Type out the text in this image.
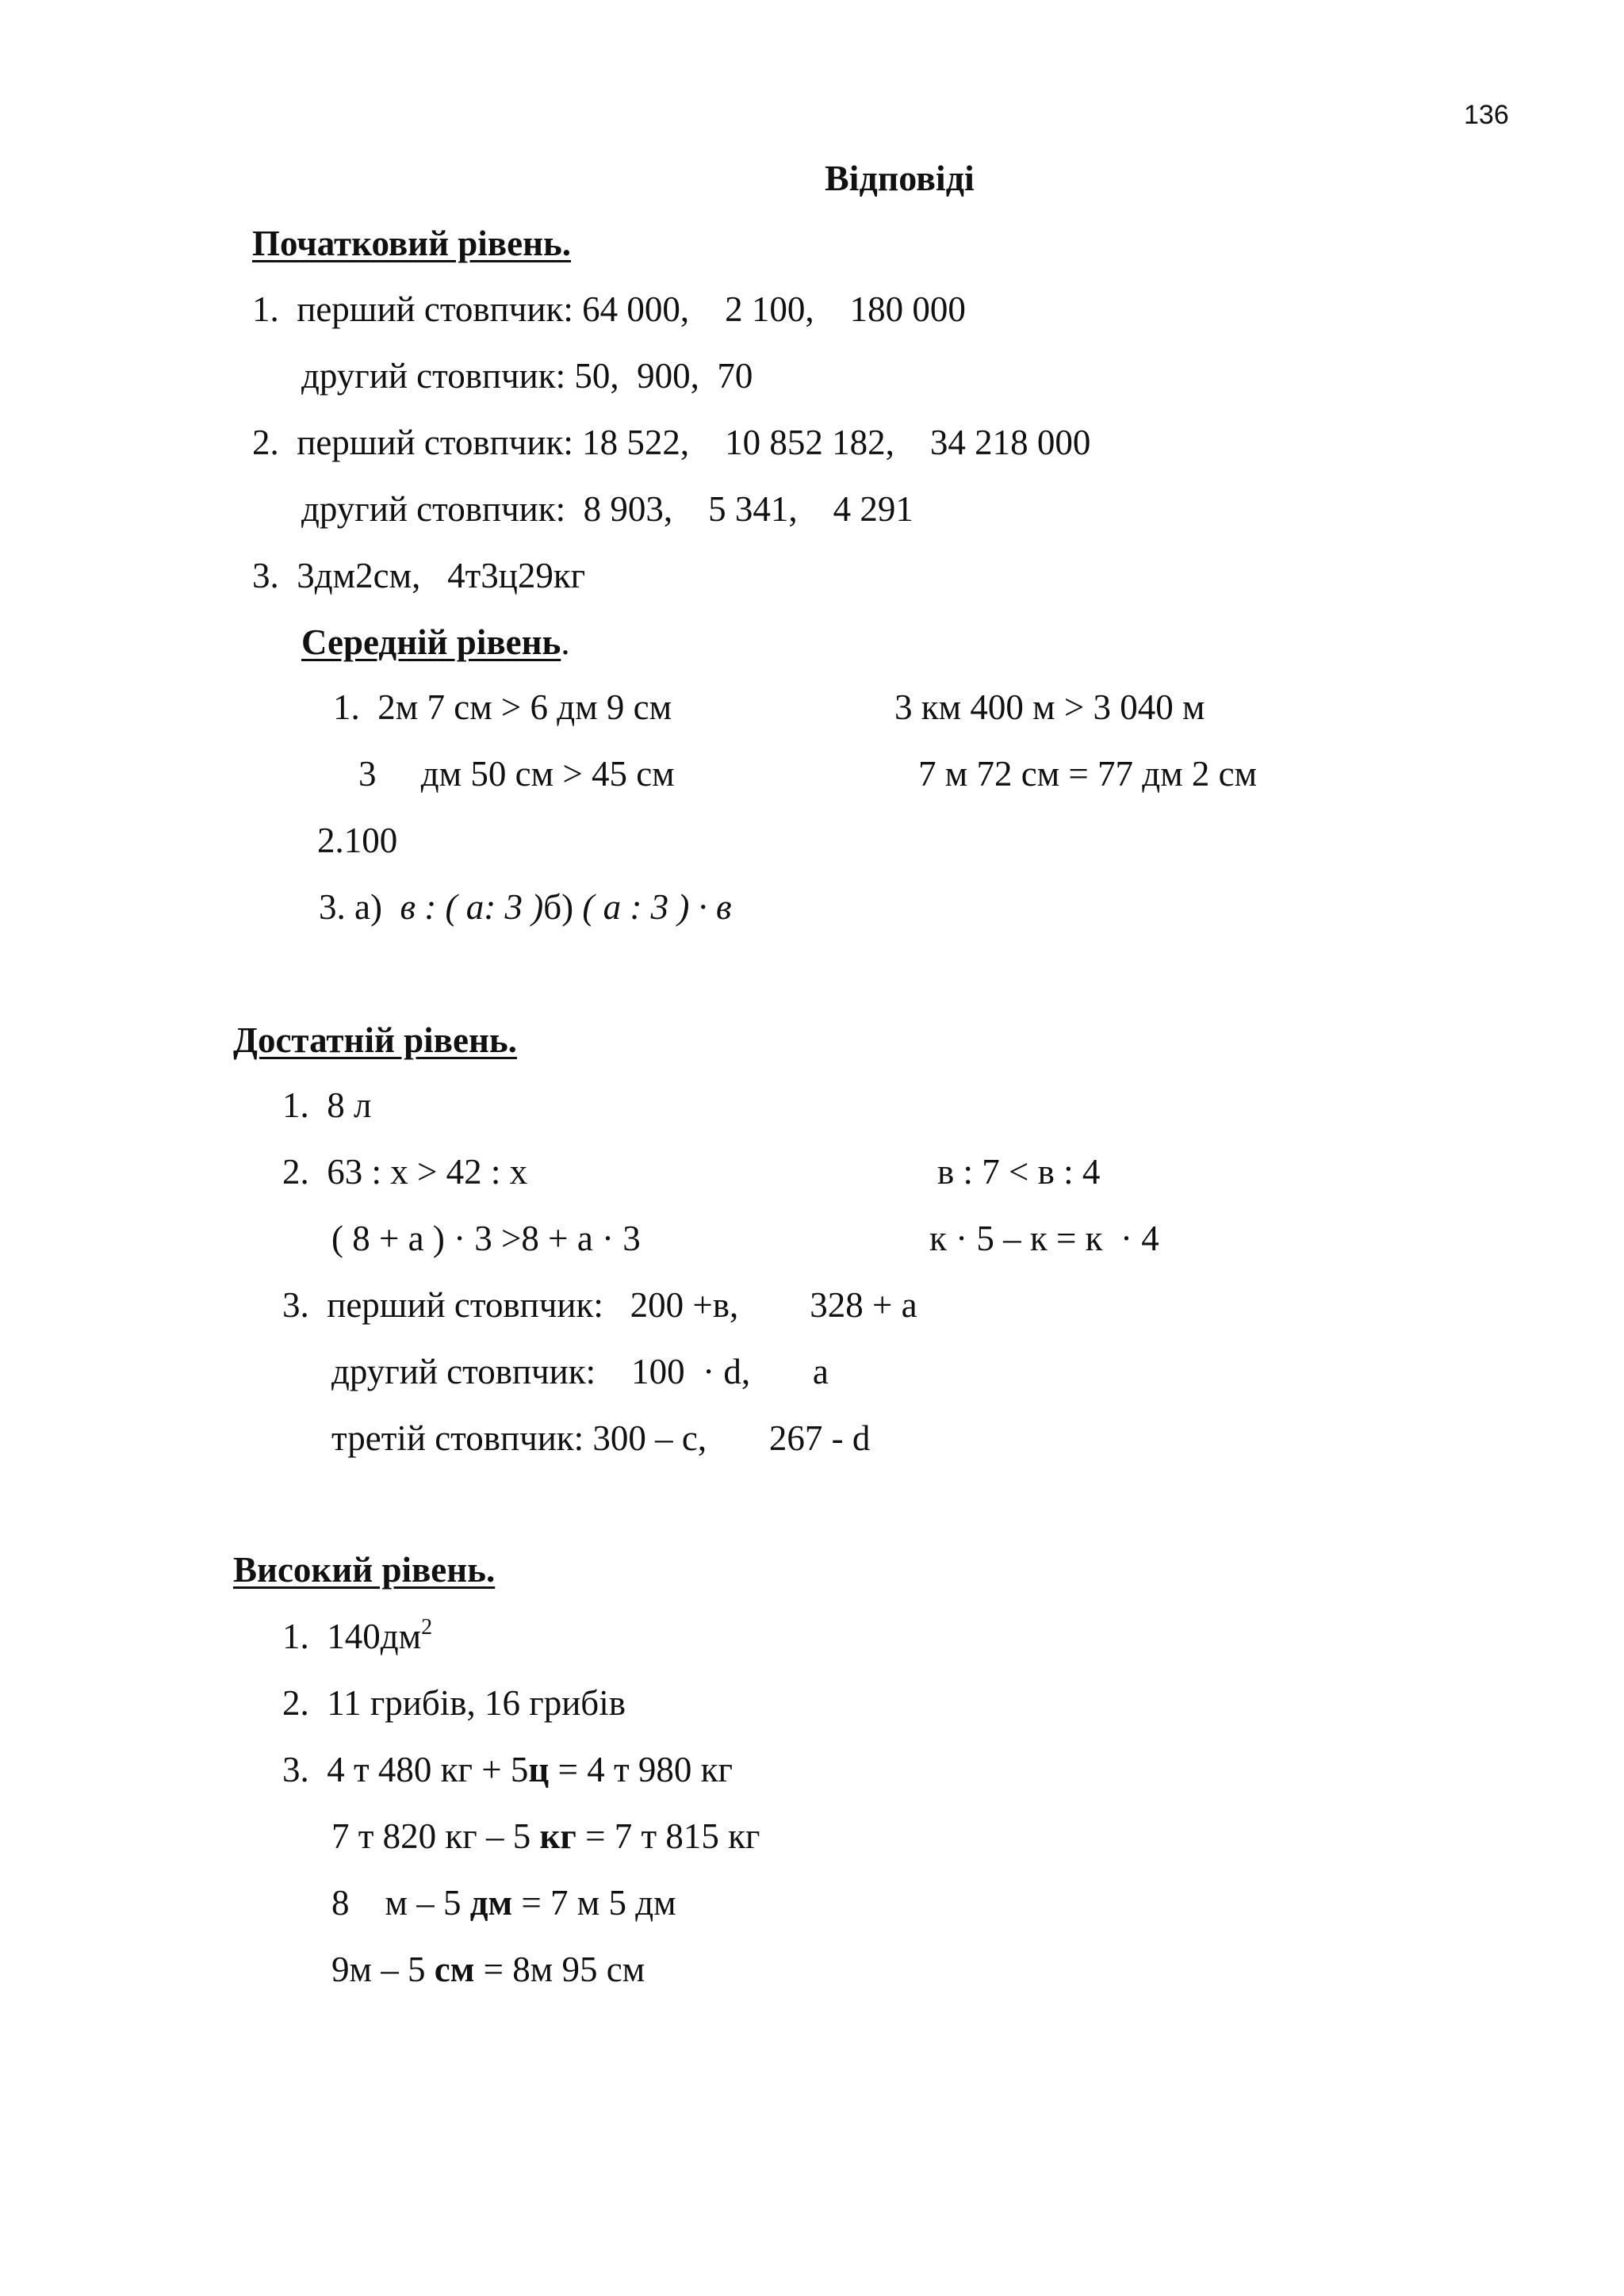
136
Відповіді
Початковий рівень.
1.  перший стовпчик: 64 000,    2 100,    180 000
другий стовпчик: 50,  900,  70
2.  перший стовпчик: 18 522,    10 852 182,    34 218 000
другий стовпчик:  8 903,    5 341,    4 291
3.  3дм2см,   4т3ц29кг
Середній рівень.
1.  2м 7 см > 6 дм 9 см	3 км 400 м > 3 040 м
3     дм 50 см > 45 см	7 м 72 см = 77 дм 2 см
2.100
3. а)  в : ( а: 3 )б) ( а : 3 ) · в
Достатній рівень.
1.  8 л
2.  63 : х > 42 : х	в : 7 < в : 4
( 8 + а ) · 3 >8 + а · 3	к · 5 – к = к  · 4
3.  перший стовпчик:   200 +в,        328 + а
другий стовпчик:    100  · d,       а
третій стовпчик: 300 – с,       267 - d
Високий рівень.
1.  $140дм^2$
2.  11 грибів, 16 грибів
3.  4 т 480 кг + 5ц = 4 т 980 кг
7 т 820 кг – 5 кг = 7 т 815 кг
8    м – 5 дм = 7 м 5 дм
9м – 5 см = 8м 95 см
